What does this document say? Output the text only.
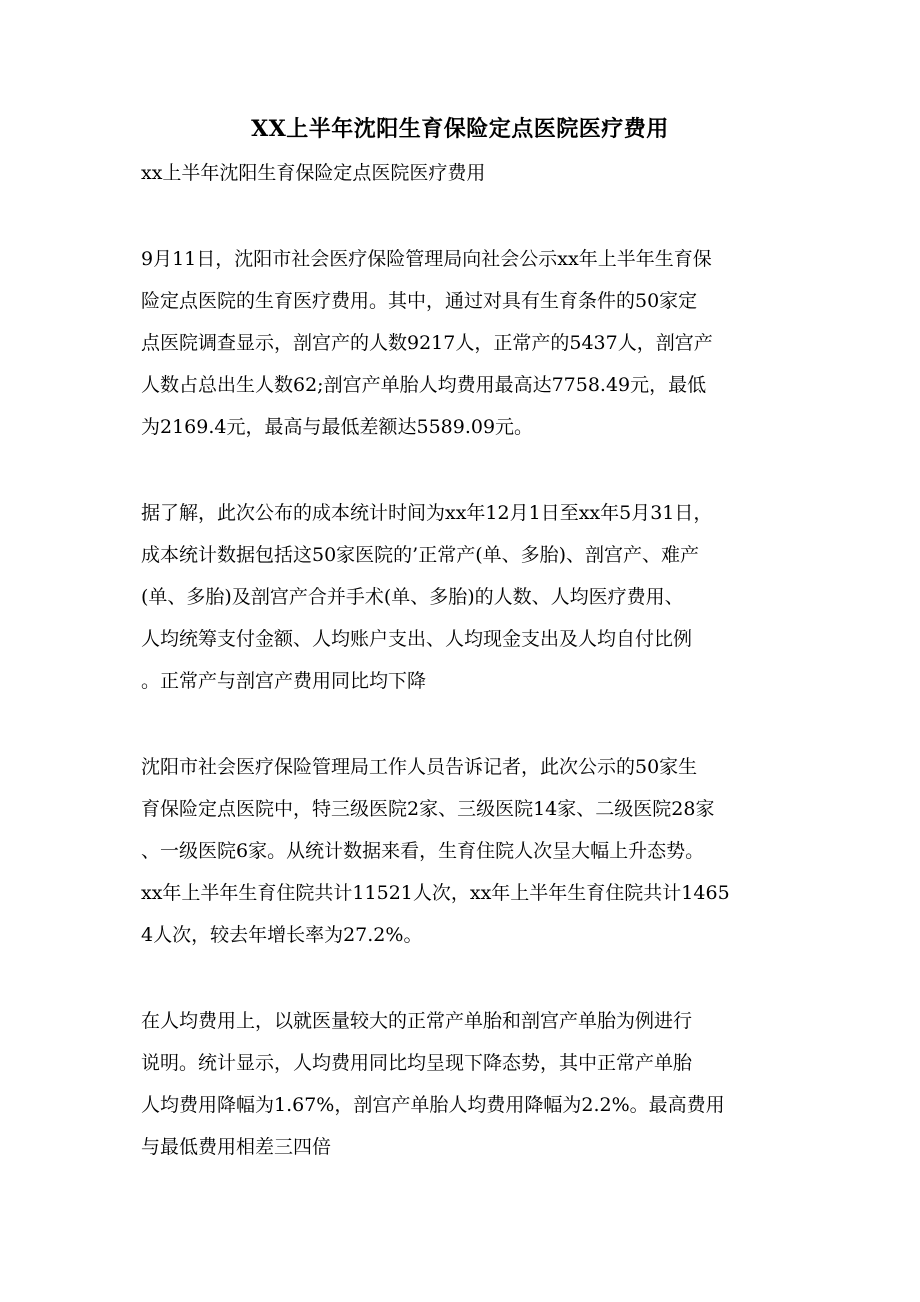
XX上半年沈阳生育保险定点医院医疗费用

xx上半年沈阳生育保险定点医院医疗费用

9月11日，沈阳市社会医疗保险管理局向社会公示xx年上半年生育保
险定点医院的生育医疗费用。其中，通过对具有生育条件的50家定
点医院调查显示，剖宫产的人数9217人，正常产的5437人，剖宫产
人数占总出生人数62;剖宫产单胎人均费用最高达7758.49元，最低
为2169.4元，最高与最低差额达5589.09元。

据了解，此次公布的成本统计时间为xx年12月1日至xx年5月31日，
成本统计数据包括这50家医院的’正常产(单、多胎)、剖宫产、难产
(单、多胎)及剖宫产合并手术(单、多胎)的人数、人均医疗费用、
人均统筹支付金额、人均账户支出、人均现金支出及人均自付比例
。正常产与剖宫产费用同比均下降

沈阳市社会医疗保险管理局工作人员告诉记者，此次公示的50家生
育保险定点医院中，特三级医院2家、三级医院14家、二级医院28家
、一级医院6家。从统计数据来看，生育住院人次呈大幅上升态势。
xx年上半年生育住院共计11521人次，xx年上半年生育住院共计1465
4人次，较去年增长率为27.2%。

在人均费用上，以就医量较大的正常产单胎和剖宫产单胎为例进行
说明。统计显示，人均费用同比均呈现下降态势，其中正常产单胎
人均费用降幅为1.67%，剖宫产单胎人均费用降幅为2.2%。最高费用
与最低费用相差三四倍
